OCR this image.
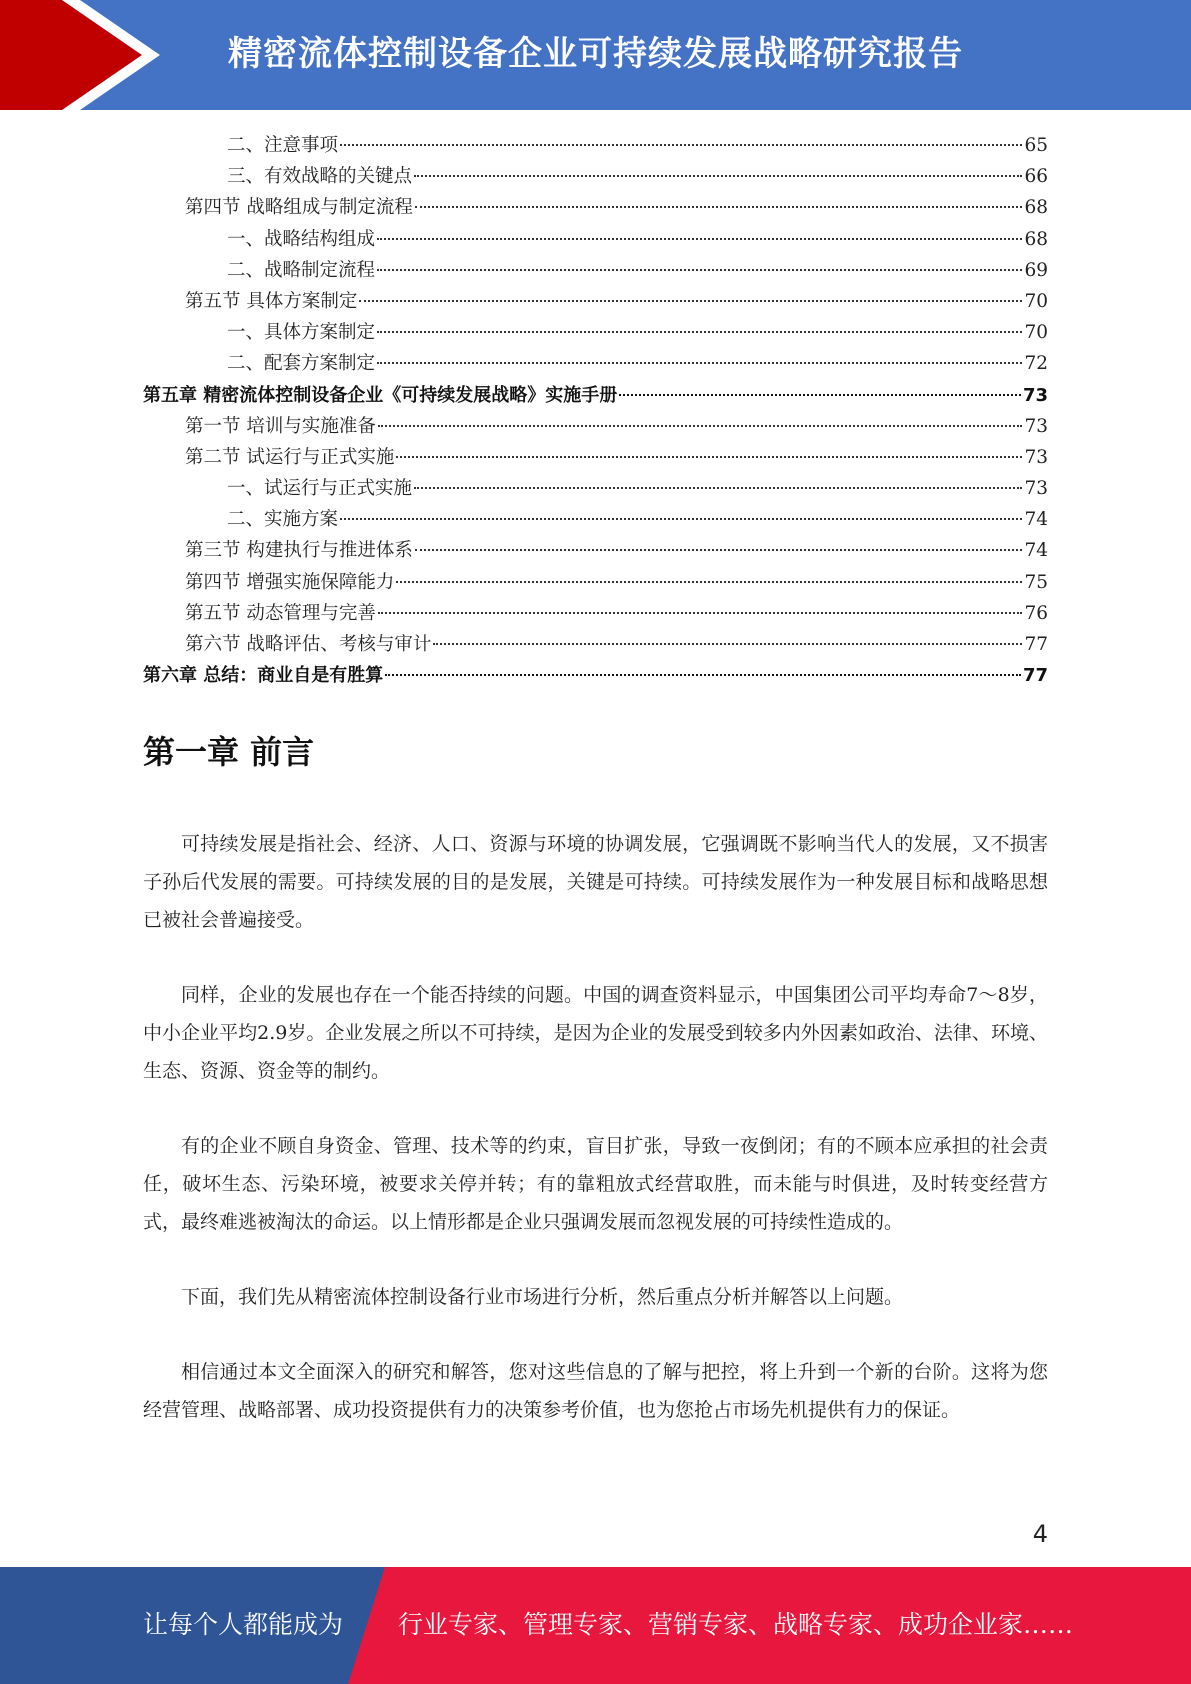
精密流体控制设备企业可持续发展战略研究报告
二、注意事项	65
三、有效战略的关键点	66
第四节 战略组成与制定流程	68
一、战略结构组成	68
二、战略制定流程	69
第五节 具体方案制定	70
一、具体方案制定	70
二、配套方案制定	72
第五章 精密流体控制设备企业《可持续发展战略》实施手册	73
第一节 培训与实施准备	73
第二节 试运行与正式实施	73
一、试运行与正式实施	73
二、实施方案	74
第三节 构建执行与推进体系	74
第四节 增强实施保障能力	75
第五节 动态管理与完善	76
第六节 战略评估、考核与审计	77
第六章 总结：商业自是有胜算	77
第一章 前言

可持续发展是指社会、经济、人口、资源与环境的协调发展，它强调既不影响当代人的发展，又不损害子孙后代发展的需要。可持续发展的目的是发展，关键是可持续。可持续发展作为一种发展目标和战略思想已被社会普遍接受。

同样，企业的发展也存在一个能否持续的问题。中国的调查资料显示，中国集团公司平均寿命7～8岁，中小企业平均2.9岁。企业发展之所以不可持续，是因为企业的发展受到较多内外因素如政治、法律、环境、生态、资源、资金等的制约。

有的企业不顾自身资金、管理、技术等的约束，盲目扩张，导致一夜倒闭；有的不顾本应承担的社会责任，破坏生态、污染环境，被要求关停并转；有的靠粗放式经营取胜，而未能与时俱进，及时转变经营方式，最终难逃被淘汰的命运。以上情形都是企业只强调发展而忽视发展的可持续性造成的。

下面，我们先从精密流体控制设备行业市场进行分析，然后重点分析并解答以上问题。

相信通过本文全面深入的研究和解答，您对这些信息的了解与把控，将上升到一个新的台阶。这将为您经营管理、战略部署、成功投资提供有力的决策参考价值，也为您抢占市场先机提供有力的保证。

4
让每个人都能成为 行业专家、管理专家、营销专家、战略专家、成功企业家……
